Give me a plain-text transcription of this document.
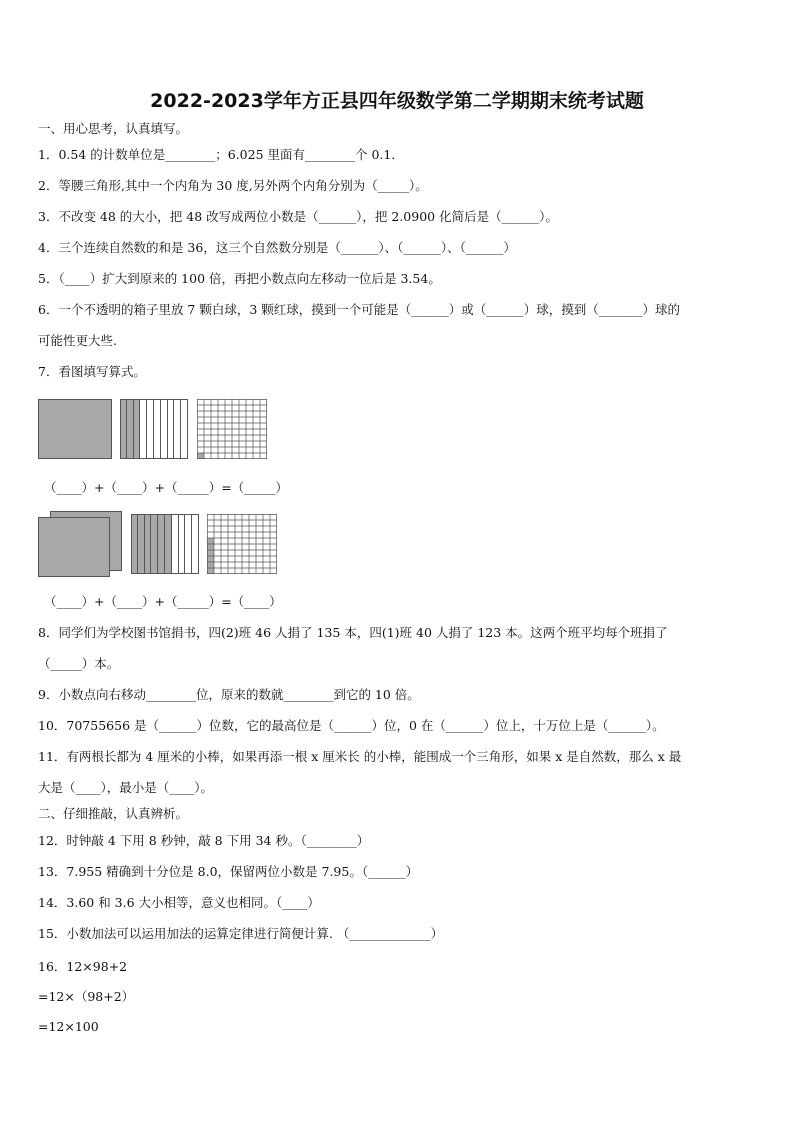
2022-2023学年方正县四年级数学第二学期期末统考试题
一、用心思考，认真填写。
1．0.54 的计数单位是________；6.025 里面有________个 0.1．
2．等腰三角形,其中一个内角为 30 度,另外两个内角分别为（_____）。
3．不改变 48 的大小，把 48 改写成两位小数是（______），把 2.0900 化简后是（______）。
4．三个连续自然数的和是 36，这三个自然数分别是（______）、（______）、（______）
5．（____）扩大到原来的 100 倍，再把小数点向左移动一位后是 3.54。
6．一个不透明的箱子里放 7 颗白球，3 颗红球，摸到一个可能是（______）或（______）球，摸到（_______）球的
可能性更大些.
7．看图填写算式。
（____）+（____）+（_____）=（_____）
（____）+（____）+（_____）=（____）
8．同学们为学校图书馆捐书，四(2)班 46 人捐了 135 本，四(1)班 40 人捐了 123 本。这两个班平均每个班捐了
（_____）本。
9．小数点向右移动________位，原来的数就________到它的 10 倍。
10．70755656 是（______）位数，它的最高位是（______）位，0 在（______）位上，十万位上是（______）。
11．有两根长都为 4 厘米的小棒，如果再添一根 x 厘米长 的小棒，能围成一个三角形，如果 x 是自然数，那么 x 最
大是（____），最小是（____）。
二、仔细推敲，认真辨析。
12．时钟敲 4 下用 8 秒钟，敲 8 下用 34 秒。（________）
13．7.955 精确到十分位是 8.0，保留两位小数是 7.95。（______）
14．3.60 和 3.6 大小相等，意义也相同。（____）
15．小数加法可以运用加法的运算定律进行简便计算. （_____________）
16．12×98+2
=12×（98+2）
=12×100
